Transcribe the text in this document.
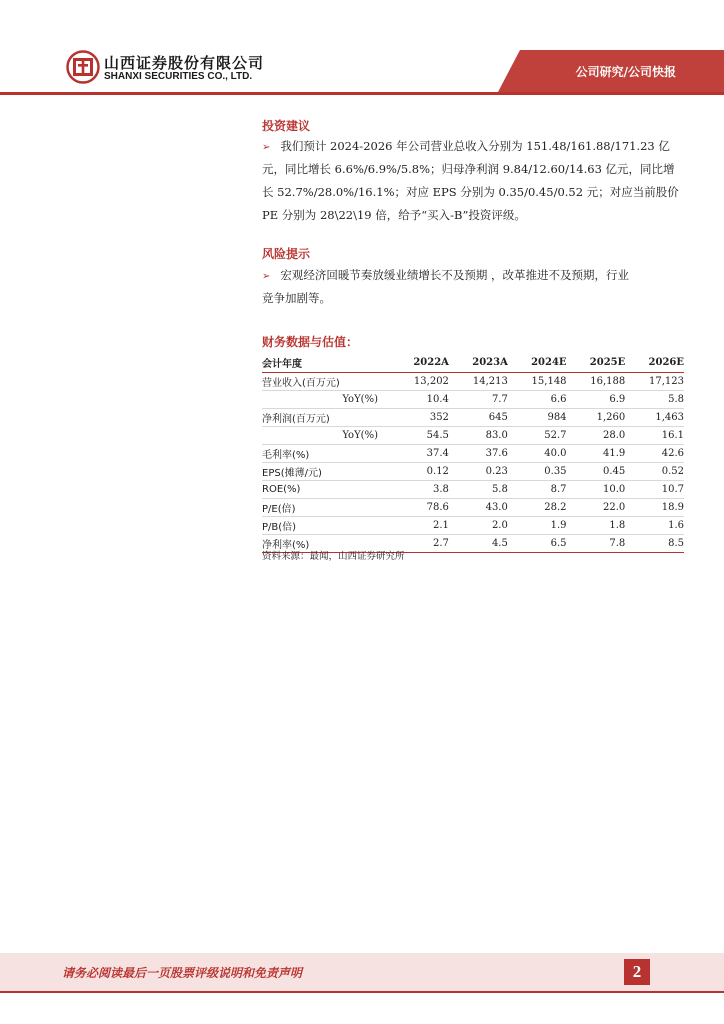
山西证券股份有限公司
SHANXI SECURITIES CO., LTD.	公司研究/公司快报
投资建议
➢ 我们预计 2024-2026 年公司营业总收入分别为 151.48/161.88/171.23 亿
元，同比增长 6.6%/6.9%/5.8%；归母净利润 9.84/12.60/14.63 亿元，同比增
长 52.7%/28.0%/16.1%；对应 EPS 分别为 0.35/0.45/0.52 元；对应当前股价
PE 分别为 28\22\19 倍，给予“买入-B”投资评级。
风险提示
➢ 宏观经济回暖节奏放缓业绩增长不及预期 ，改革推进不及预期，行业
竞争加剧等。
财务数据与估值：
会计年度	2022A	2023A	2024E	2025E	2026E
营业收入(百万元)	13,202	14,213	15,148	16,188	17,123
YoY(%)	10.4	7.7	6.6	6.9	5.8
净利润(百万元)	352	645	984	1,260	1,463
YoY(%)	54.5	83.0	52.7	28.0	16.1
毛利率(%)	37.4	37.6	40.0	41.9	42.6
EPS(摊薄/元)	0.12	0.23	0.35	0.45	0.52
ROE(%)	3.8	5.8	8.7	10.0	10.7
P/E(倍)	78.6	43.0	28.2	22.0	18.9
P/B(倍)	2.1	2.0	1.9	1.8	1.6
净利率(%)	2.7	4.5	6.5	7.8	8.5
资料来源：最闻，山西证券研究所
请务必阅读最后一页股票评级说明和免责声明	2
